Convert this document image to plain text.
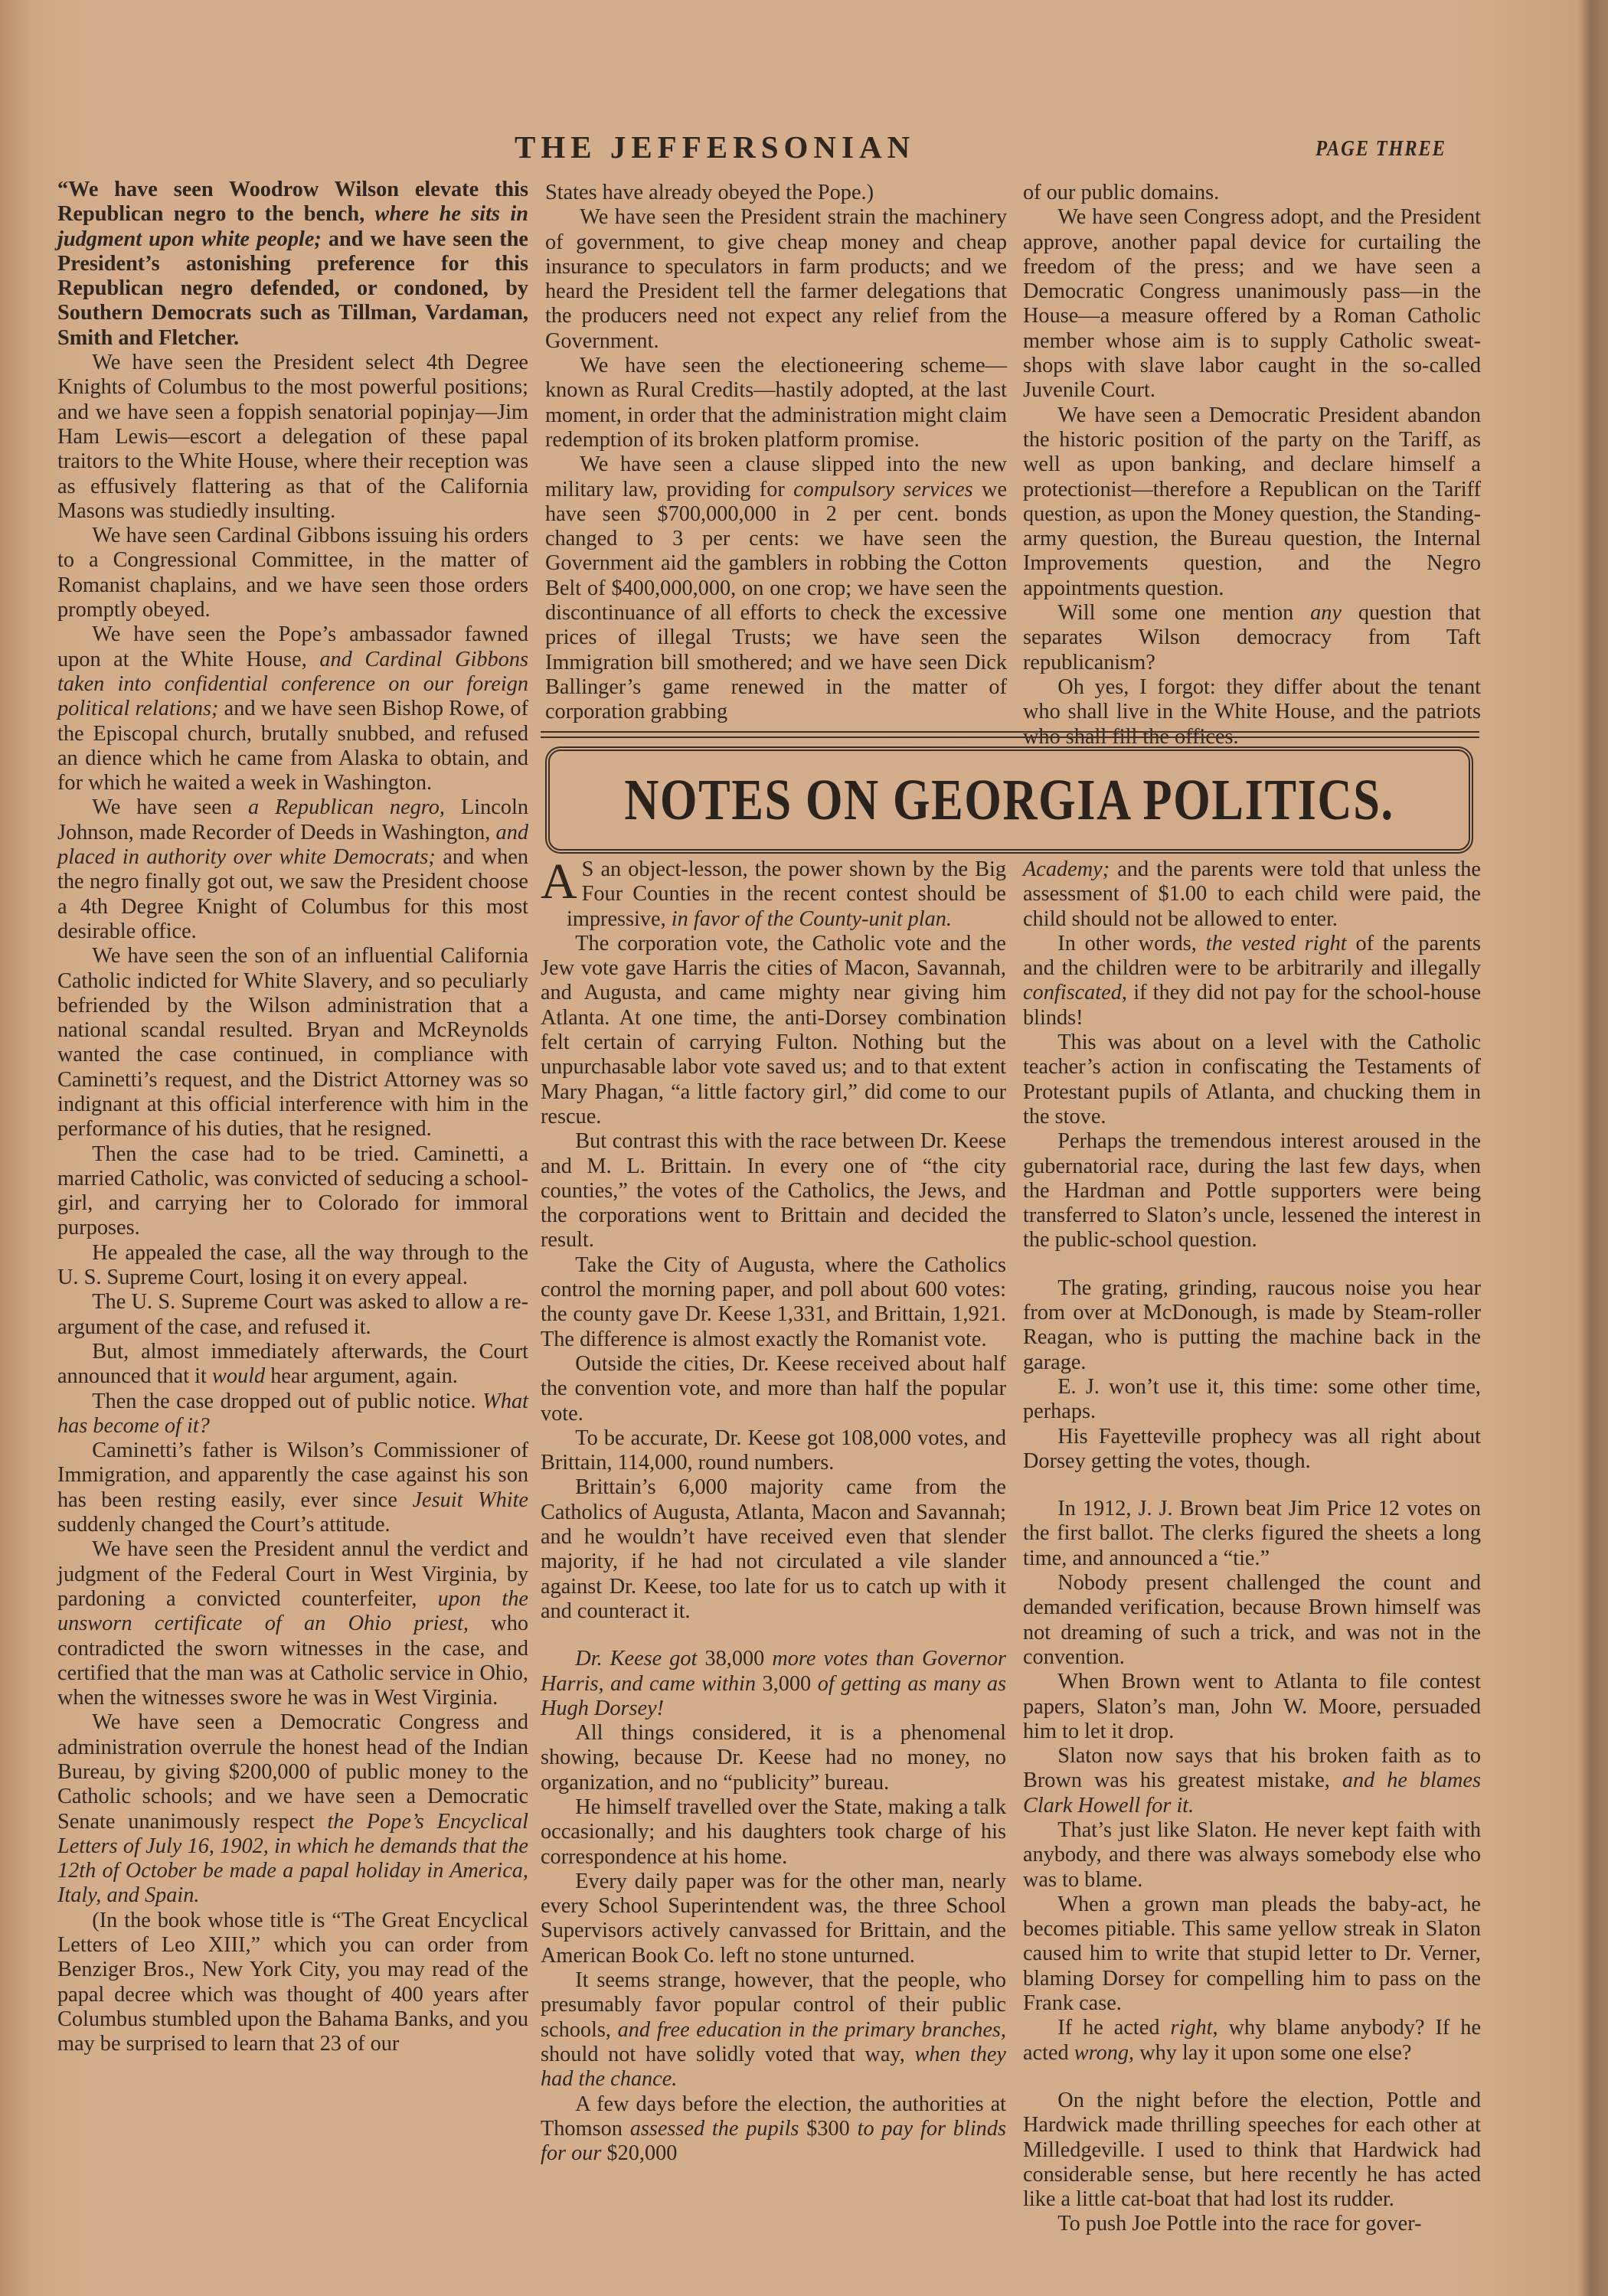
THE JEFFERSONIAN	PAGE THREE

“We have seen Woodrow Wilson elevate this Republican negro to the bench, where he sits in judgment upon white people; and we have seen the President’s astonishing preference for this Republican negro defended, or condoned, by Southern Democrats such as Tillman, Vardaman, Smith and Fletcher.

We have seen the President select 4th Degree Knights of Columbus to the most powerful positions; and we have seen a foppish senatorial popinjay—Jim Ham Lewis—escort a delegation of these papal traitors to the White House, where their reception was as effusively flattering as that of the California Masons was studiedly insulting.

We have seen Cardinal Gibbons issuing his orders to a Congressional Committee, in the matter of Romanist chaplains, and we have seen those orders promptly obeyed.

We have seen the Pope’s ambassador fawned upon at the White House, and Cardinal Gibbons taken into confidential conference on our foreign political relations; and we have seen Bishop Rowe, of the Episcopal church, brutally snubbed, and refused an dience which he came from Alaska to obtain, and for which he waited a week in Washington.

We have seen a Republican negro, Lincoln Johnson, made Recorder of Deeds in Washington, and placed in authority over white Democrats; and when the negro finally got out, we saw the President choose a 4th Degree Knight of Columbus for this most desirable office.

We have seen the son of an influential California Catholic indicted for White Slavery, and so peculiarly befriended by the Wilson administration that a national scandal resulted. Bryan and McReynolds wanted the case continued, in compliance with Caminetti’s request, and the District Attorney was so indignant at this official interference with him in the performance of his duties, that he resigned.

Then the case had to be tried. Caminetti, a married Catholic, was convicted of seducing a school-girl, and carrying her to Colorado for immoral purposes.

He appealed the case, all the way through to the U. S. Supreme Court, losing it on every appeal.

The U. S. Supreme Court was asked to allow a re-argument of the case, and refused it.

But, almost immediately afterwards, the Court announced that it would hear argument, again.

Then the case dropped out of public notice. What has become of it?

Caminetti’s father is Wilson’s Commissioner of Immigration, and apparently the case against his son has been resting easily, ever since Jesuit White suddenly changed the Court’s attitude.

We have seen the President annul the verdict and judgment of the Federal Court in West Virginia, by pardoning a convicted counterfeiter, upon the unsworn certificate of an Ohio priest, who contradicted the sworn witnesses in the case, and certified that the man was at Catholic service in Ohio, when the witnesses swore he was in West Virginia.

We have seen a Democratic Congress and administration overrule the honest head of the Indian Bureau, by giving $200,000 of public money to the Catholic schools; and we have seen a Democratic Senate unanimously respect the Pope’s Encyclical Letters of July 16, 1902, in which he demands that the 12th of October be made a papal holiday in America, Italy, and Spain.

(In the book whose title is “The Great Encyclical Letters of Leo XIII,” which you can order from Benziger Bros., New York City, you may read of the papal decree which was thought of 400 years after Columbus stumbled upon the Bahama Banks, and you may be surprised to learn that 23 of our

States have already obeyed the Pope.)

We have seen the President strain the machinery of government, to give cheap money and cheap insurance to speculators in farm products; and we heard the President tell the farmer delegations that the producers need not expect any relief from the Government.

We have seen the electioneering scheme—known as Rural Credits—hastily adopted, at the last moment, in order that the administration might claim redemption of its broken platform promise.

We have seen a clause slipped into the new military law, providing for compulsory services we have seen $700,000,000 in 2 per cent. bonds changed to 3 per cents: we have seen the Government aid the gamblers in robbing the Cotton Belt of $400,000,000, on one crop; we have seen the discontinuance of all efforts to check the excessive prices of illegal Trusts; we have seen the Immigration bill smothered; and we have seen Dick Ballinger’s game renewed in the matter of corporation grabbing

of our public domains.

We have seen Congress adopt, and the President approve, another papal device for curtailing the freedom of the press; and we have seen a Democratic Congress unanimously pass—in the House—a measure offered by a Roman Catholic member whose aim is to supply Catholic sweat-shops with slave labor caught in the so-called Juvenile Court.

We have seen a Democratic President abandon the historic position of the party on the Tariff, as well as upon banking, and declare himself a protectionist—therefore a Republican on the Tariff question, as upon the Money question, the Standing-army question, the Bureau question, the Internal Improvements question, and the Negro appointments question.

Will some one mention any question that separates Wilson democracy from Taft republicanism?

Oh yes, I forgot: they differ about the tenant who shall live in the White House, and the patriots who shall fill the offices.

NOTES ON GEORGIA POLITICS.

A S an object-lesson, the power shown by the Big Four Counties in the recent contest should be impressive, in favor of the County-unit plan.

The corporation vote, the Catholic vote and the Jew vote gave Harris the cities of Macon, Savannah, and Augusta, and came mighty near giving him Atlanta. At one time, the anti-Dorsey combination felt certain of carrying Fulton. Nothing but the unpurchasable labor vote saved us; and to that extent Mary Phagan, “a little factory girl,” did come to our rescue.

But contrast this with the race between Dr. Keese and M. L. Brittain. In every one of “the city counties,” the votes of the Catholics, the Jews, and the corporations went to Brittain and decided the result.

Take the City of Augusta, where the Catholics control the morning paper, and poll about 600 votes: the county gave Dr. Keese 1,331, and Brittain, 1,921. The difference is almost exactly the Romanist vote.

Outside the cities, Dr. Keese received about half the convention vote, and more than half the popular vote.

To be accurate, Dr. Keese got 108,000 votes, and Brittain, 114,000, round numbers.

Brittain’s 6,000 majority came from the Catholics of Augusta, Atlanta, Macon and Savannah; and he wouldn’t have received even that slender majority, if he had not circulated a vile slander against Dr. Keese, too late for us to catch up with it and counteract it.

Dr. Keese got 38,000 more votes than Governor Harris, and came within 3,000 of getting as many as Hugh Dorsey!

All things considered, it is a phenomenal showing, because Dr. Keese had no money, no organization, and no “publicity” bureau.

He himself travelled over the State, making a talk occasionally; and his daughters took charge of his correspondence at his home.

Every daily paper was for the other man, nearly every School Superintendent was, the three School Supervisors actively canvassed for Brittain, and the American Book Co. left no stone unturned.

It seems strange, however, that the people, who presumably favor popular control of their public schools, and free education in the primary branches, should not have solidly voted that way, when they had the chance.

A few days before the election, the authorities at Thomson assessed the pupils $300 to pay for blinds for our $20,000

Academy; and the parents were told that unless the assessment of $1.00 to each child were paid, the child should not be allowed to enter.

In other words, the vested right of the parents and the children were to be arbitrarily and illegally confiscated, if they did not pay for the school-house blinds!

This was about on a level with the Catholic teacher’s action in confiscating the Testaments of Protestant pupils of Atlanta, and chucking them in the stove.

Perhaps the tremendous interest aroused in the gubernatorial race, during the last few days, when the Hardman and Pottle supporters were being transferred to Slaton’s uncle, lessened the interest in the public-school question.

The grating, grinding, raucous noise you hear from over at McDonough, is made by Steam-roller Reagan, who is putting the machine back in the garage.

E. J. won’t use it, this time: some other time, perhaps.

His Fayetteville prophecy was all right about Dorsey getting the votes, though.

In 1912, J. J. Brown beat Jim Price 12 votes on the first ballot. The clerks figured the sheets a long time, and announced a “tie.”

Nobody present challenged the count and demanded verification, because Brown himself was not dreaming of such a trick, and was not in the convention.

When Brown went to Atlanta to file contest papers, Slaton’s man, John W. Moore, persuaded him to let it drop.

Slaton now says that his broken faith as to Brown was his greatest mistake, and he blames Clark Howell for it.

That’s just like Slaton. He never kept faith with anybody, and there was always somebody else who was to blame.

When a grown man pleads the baby-act, he becomes pitiable. This same yellow streak in Slaton caused him to write that stupid letter to Dr. Verner, blaming Dorsey for compelling him to pass on the Frank case.

If he acted right, why blame anybody? If he acted wrong, why lay it upon some one else?

On the night before the election, Pottle and Hardwick made thrilling speeches for each other at Milledgeville. I used to think that Hardwick had considerable sense, but here recently he has acted like a little cat-boat that had lost its rudder.

To push Joe Pottle into the race for gover-
